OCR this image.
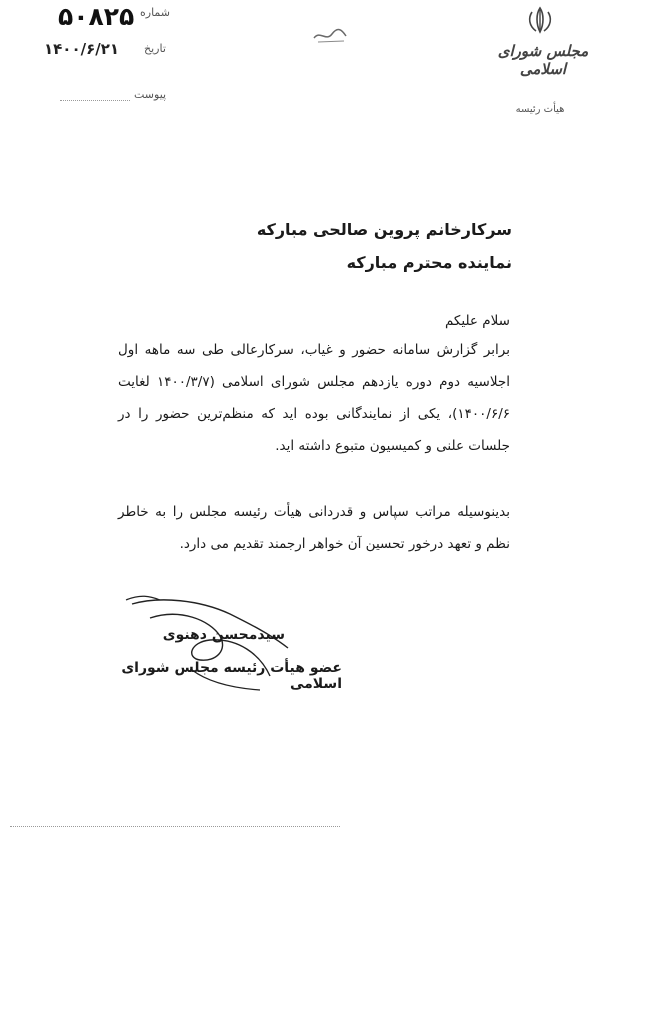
۵۰۸۲۵ شماره
۱۴۰۰/۶/۲۱ تاریخ
پیوست
مجلس شورای اسلامی
هیأت رئیسه
سرکارخانم پروین صالحی مبارکه
نماینده محترم مبارکه
سلام علیکم
برابر گزارش سامانه حضور و غیاب، سرکارعالی طی سه ماهه اول اجلاسیه دوم دوره یازدهم مجلس شورای اسلامی (۱۴۰۰/۳/۷ لغایت ۱۴۰۰/۶/۶)، یکی از نمایندگانی بوده اید که منظم‌ترین حضور را در جلسات علنی و کمیسیون متبوع داشته اید.
بدینوسیله مراتب سپاس و قدردانی هیأت رئیسه مجلس را به خاطر نظم و تعهد درخور تحسین آن خواهر ارجمند تقدیم می دارد.
سیدمحسن دهنوی
عضو هیأت رئیسه مجلس شورای اسلامی
